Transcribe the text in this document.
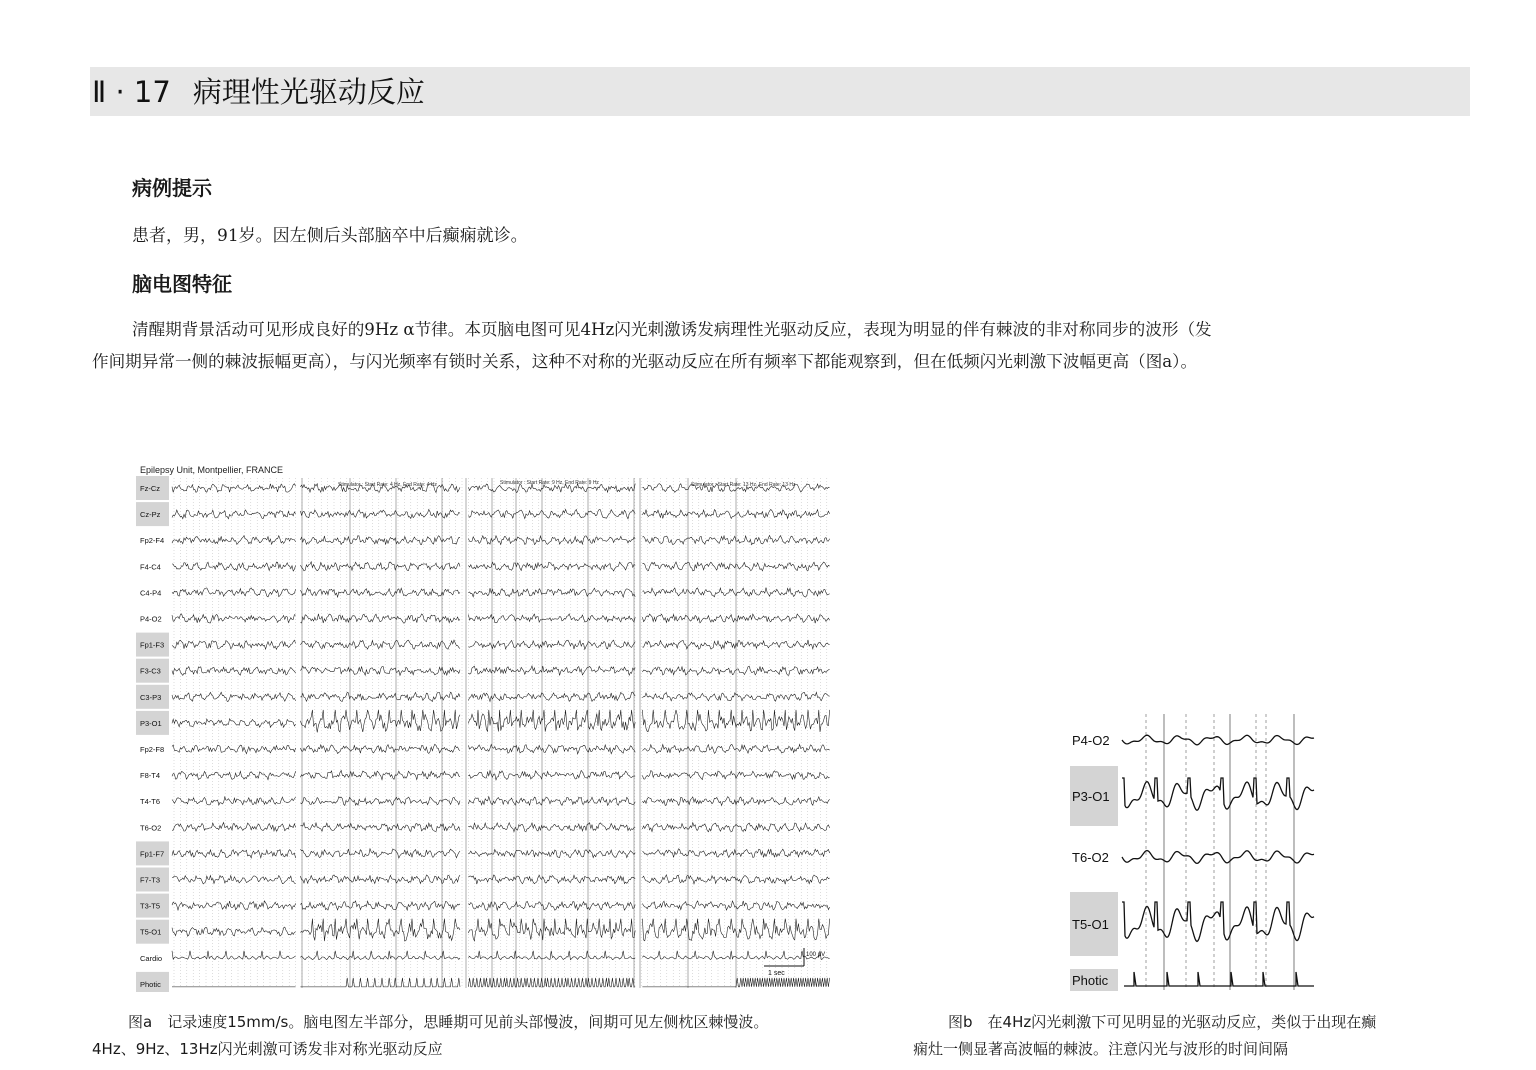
Ⅱ · 17 病理性光驱动反应
病例提示
患者，男，91岁。因左侧后头部脑卒中后癫痫就诊。
脑电图特征
清醒期背景活动可见形成良好的9Hz α节律。本页脑电图可见4Hz闪光刺激诱发病理性光驱动反应，表现为明显的伴有棘波的非对称同步的波形（发
作间期异常一侧的棘波振幅更高），与闪光频率有锁时关系，这种不对称的光驱动反应在所有频率下都能观察到，但在低频闪光刺激下波幅更高（图a）。
Epilepsy Unit, Montpellier, FRANCE
Fz-Cz
Cz-Pz
Fp2-F4
F4-C4
C4-P4
P4-O2
Fp1-F3
F3-C3
C3-P3
P3-O1
Fp2-F8
F8-T4
T4-T6
T6-O2
Fp1-F7
F7-T3
T3-T5
T5-O1
Cardio
Photic
Stimulator : Start Rate: 4 Hz, End Rate: 4 Hz	Stimulator : Start Rate: 9 Hz, End Rate: 9 Hz	Stimulator : Start Rate: 13 Hz, End Rate: 13 Hz
1 sec
100 μV
P4-O2
P3-O1
T6-O2
T5-O1
Photic
图a　记录速度15mm/s。脑电图左半部分，思睡期可见前头部慢波，间期可见左侧枕区棘慢波。
4Hz、9Hz、13Hz闪光刺激可诱发非对称光驱动反应
图b　在4Hz闪光刺激下可见明显的光驱动反应，类似于出现在癫
痫灶一侧显著高波幅的棘波。注意闪光与波形的时间间隔
